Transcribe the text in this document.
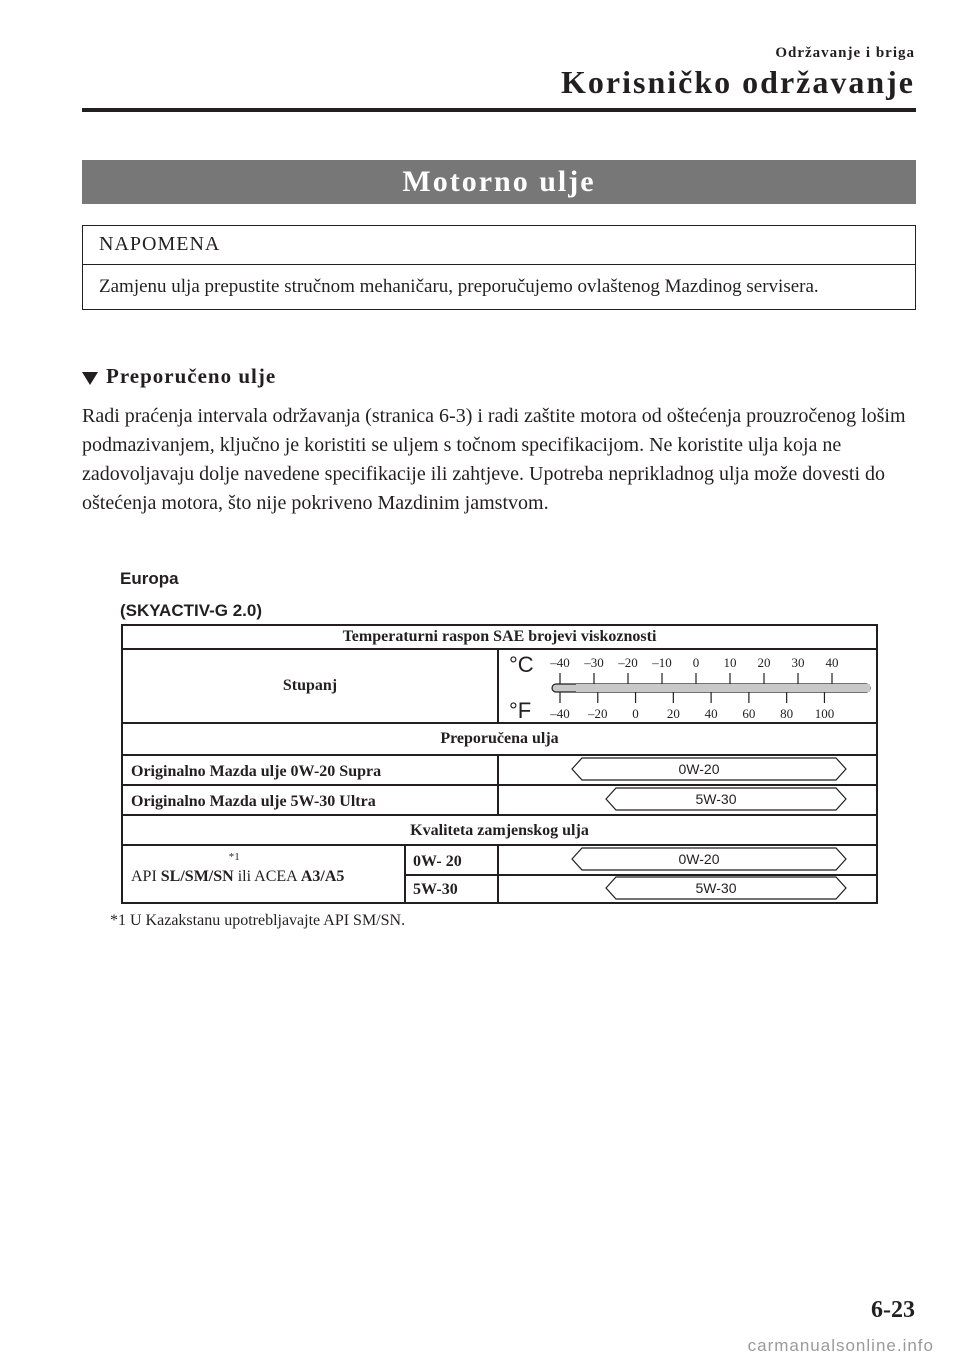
Održavanje i briga
Korisničko održavanje
Motorno ulje
NAPOMENA
Zamjenu ulja prepustite stručnom mehaničaru, preporučujemo ovlaštenog Mazdinog servisera.
Preporučeno ulje
Radi praćenja intervala održavanja (stranica 6-3) i radi zaštite motora od oštećenja prouzročenog lošim podmazivanjem, ključno je koristiti se uljem s točnom specifikacijom. Ne koristite ulja koja ne zadovoljavaju dolje navedene specifikacije ili zahtjeve. Upotreba neprikladnog ulja može dovesti do oštećenja motora, što nije pokriveno Mazdinim jamstvom.
Europa
(SKYACTIV-G 2.0)
Temperaturni raspon SAE brojevi viskoznosti
Stupanj
Preporučena ulja
Originalno Mazda ulje 0W-20 Supra
Originalno Mazda ulje 5W-30 Ultra
Kvaliteta zamjenskog ulja
API SL/SM/SN
*1
ili ACEA A3/A5
0W- 20
5W-30
°C
°F
–40 –30 –20 –10 0 10 20 30 40
–40 –20 0 20 40 60 80 100
0W-20
5W-30
0W-20
5W-30
*1 U Kazakstanu upotrebljavajte API SM/SN.
6-23
carmanualsonline.info
